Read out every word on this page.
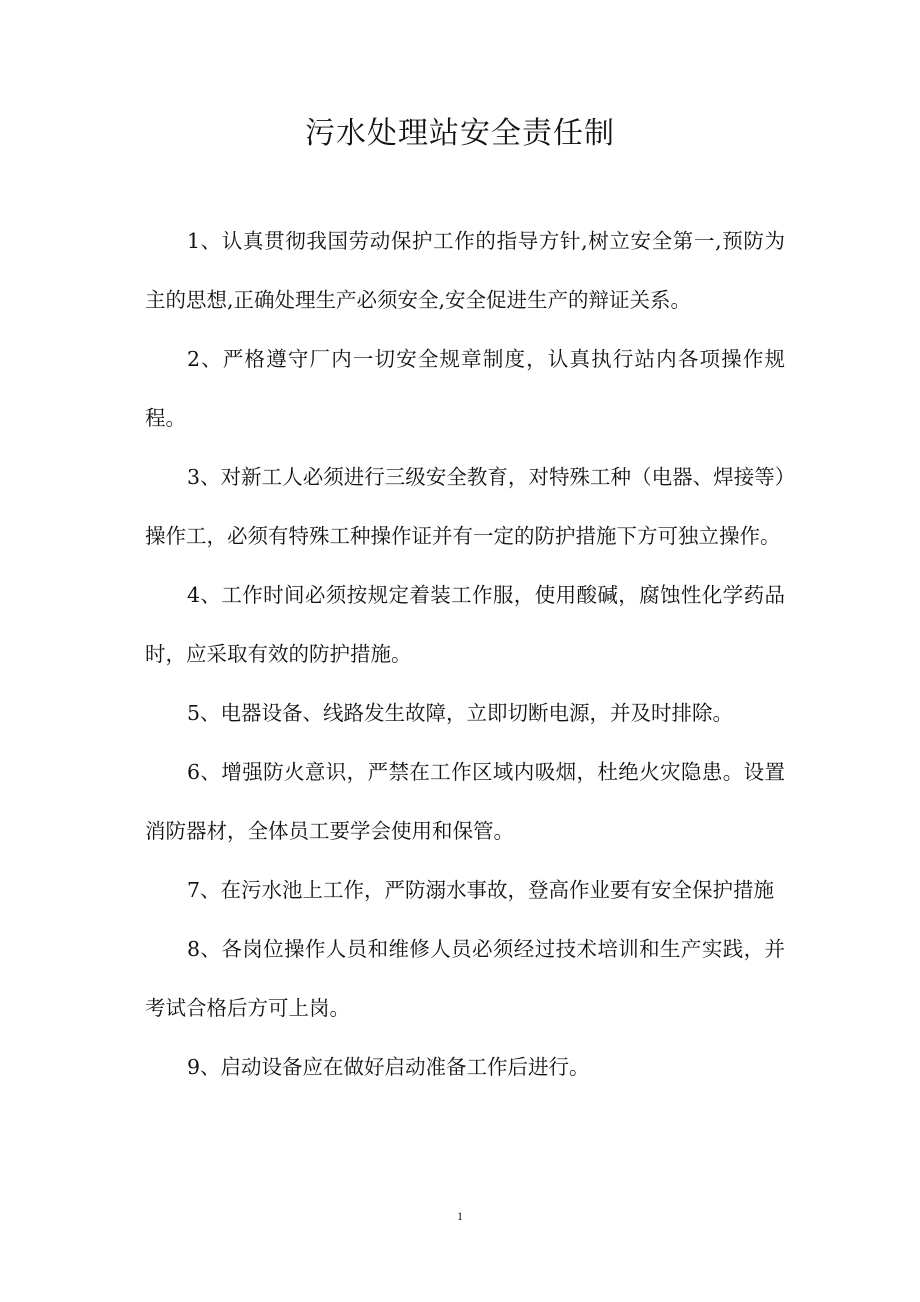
污水处理站安全责任制

1、认真贯彻我国劳动保护工作的指导方针,树立安全第一,预防为主的思想,正确处理生产必须安全,安全促进生产的辩证关系。

2、严格遵守厂内一切安全规章制度，认真执行站内各项操作规程。

3、对新工人必须进行三级安全教育，对特殊工种（电器、焊接等）操作工，必须有特殊工种操作证并有一定的防护措施下方可独立操作。

4、工作时间必须按规定着装工作服，使用酸碱，腐蚀性化学药品时，应采取有效的防护措施。

5、电器设备、线路发生故障，立即切断电源，并及时排除。

6、增强防火意识，严禁在工作区域内吸烟，杜绝火灾隐患。设置消防器材，全体员工要学会使用和保管。

7、在污水池上工作，严防溺水事故，登高作业要有安全保护措施

8、各岗位操作人员和维修人员必须经过技术培训和生产实践，并考试合格后方可上岗。

9、启动设备应在做好启动准备工作后进行。

1
